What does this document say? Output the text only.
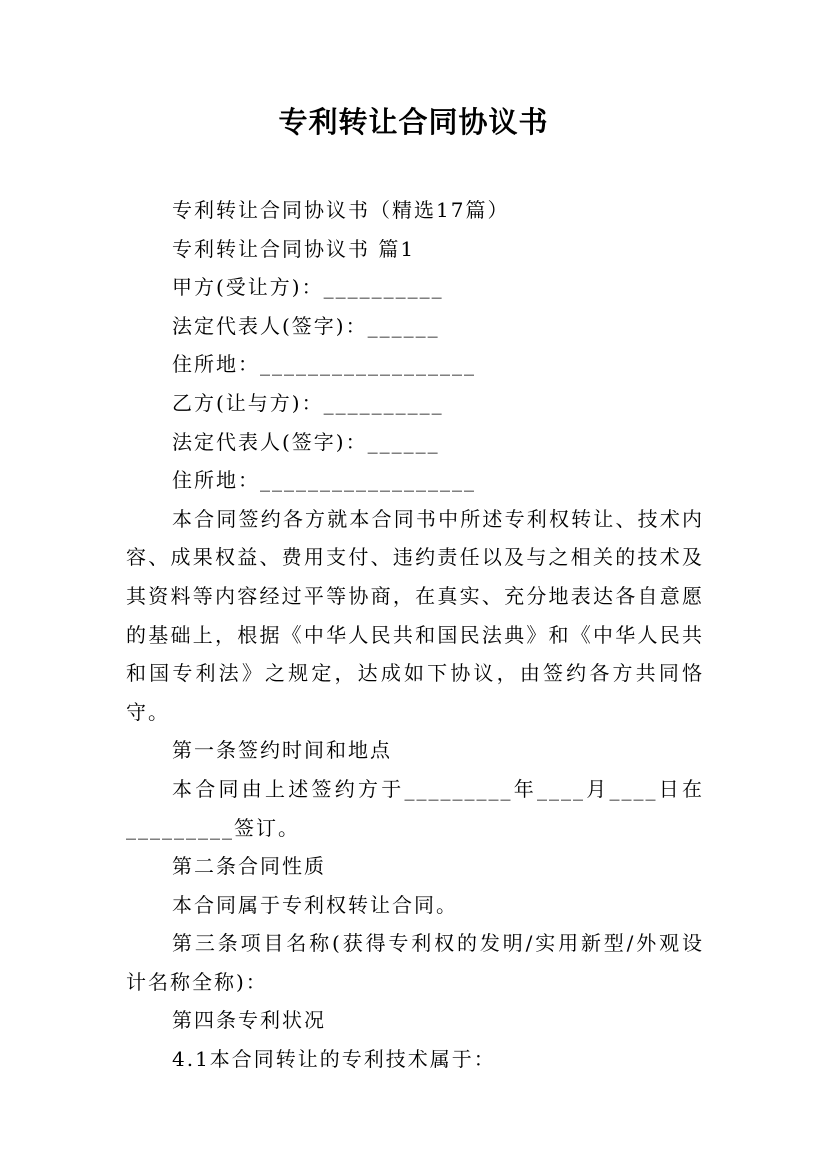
专利转让合同协议书

专利转让合同协议书（精选17篇）

专利转让合同协议书 篇1

甲方(受让方)：__________

法定代表人(签字)：______

住所地：__________________

乙方(让与方)：__________

法定代表人(签字)：______

住所地：__________________

本合同签约各方就本合同书中所述专利权转让、技术内容、成果权益、费用支付、违约责任以及与之相关的技术及其资料等内容经过平等协商，在真实、充分地表达各自意愿的基础上，根据《中华人民共和国民法典》和《中华人民共和国专利法》之规定，达成如下协议，由签约各方共同恪守。

第一条签约时间和地点

本合同由上述签约方于_________年____月____日在_________签订。

第二条合同性质

本合同属于专利权转让合同。

第三条项目名称(获得专利权的发明/实用新型/外观设计名称全称)：

第四条专利状况

4.1本合同转让的专利技术属于：
